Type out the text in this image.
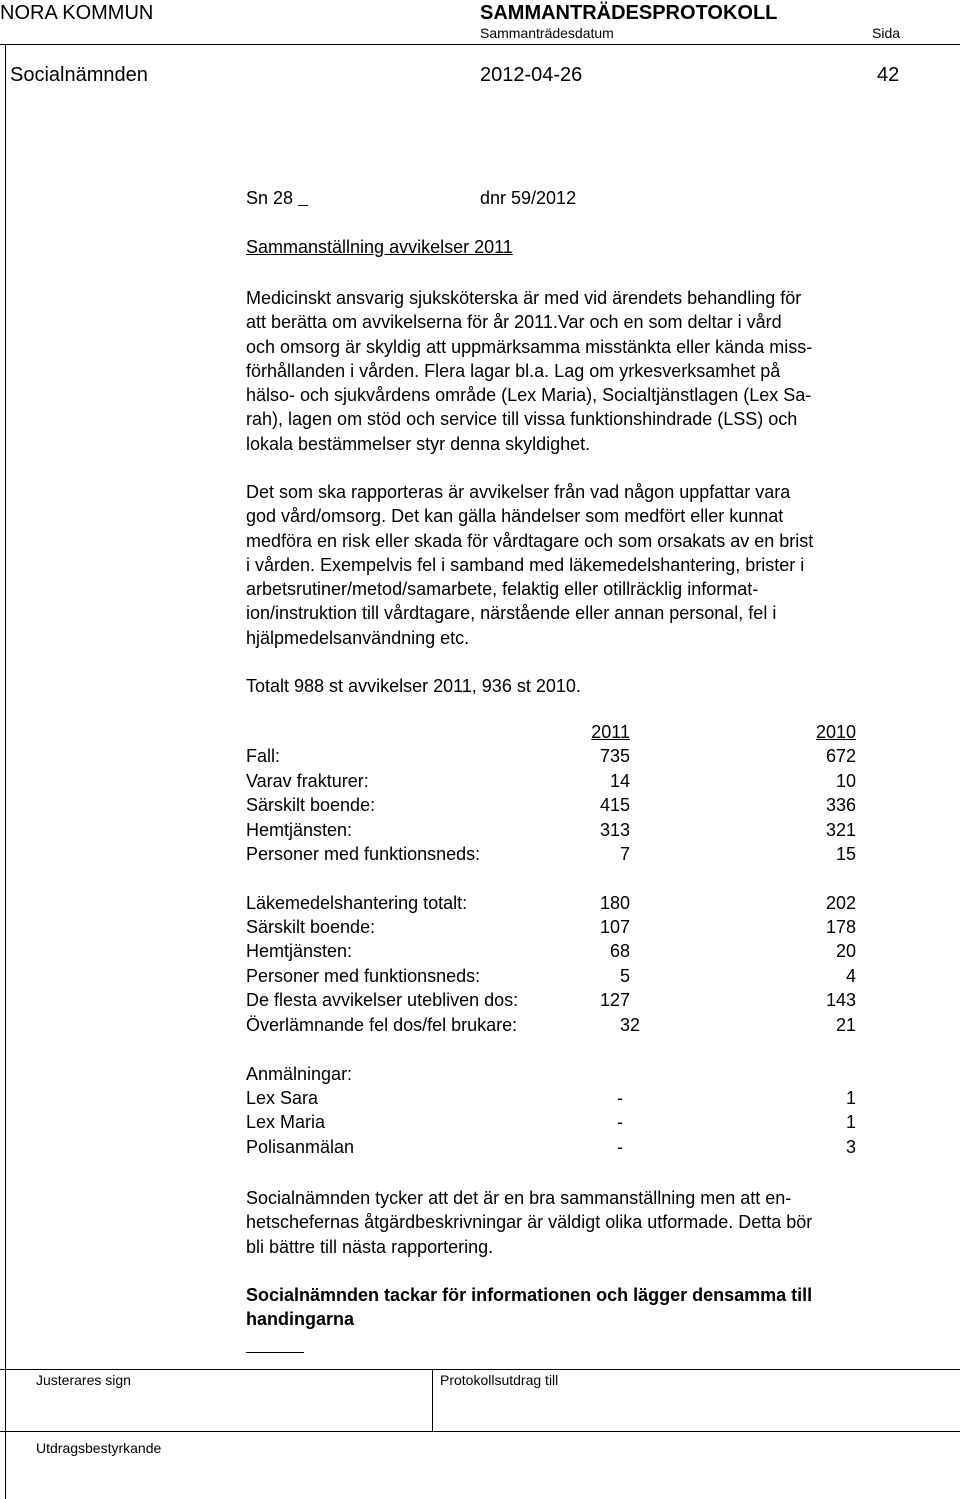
NORA KOMMUN	SAMMANTRÄDESPROTOKOLL
Sammanträdesdatum	Sida
Socialnämnden	2012-04-26	42
Sn 28	dnr 59/2012
Sammanställning avvikelser 2011
Medicinskt ansvarig sjuksköterska är med vid ärendets behandling för
att berätta om avvikelserna för år 2011.Var och en som deltar i vård
och omsorg är skyldig att uppmärksamma misstänkta eller kända miss-
förhållanden i vården. Flera lagar bl.a. Lag om yrkesverksamhet på
hälso- och sjukvårdens område (Lex Maria), Socialtjänstlagen (Lex Sa-
rah), lagen om stöd och service till vissa funktionshindrade (LSS) och
lokala bestämmelser styr denna skyldighet.
Det som ska rapporteras är avvikelser från vad någon uppfattar vara
god vård/omsorg. Det kan gälla händelser som medfört eller kunnat
medföra en risk eller skada för vårdtagare och som orsakats av en brist
i vården. Exempelvis fel i samband med läkemedelshantering, brister i
arbetsrutiner/metod/samarbete, felaktig eller otillräcklig informat-
ion/instruktion till vårdtagare, närstående eller annan personal, fel i
hjälpmedelsanvändning etc.
Totalt 988 st avvikelser 2011, 936 st 2010.
2011	2010
Fall:	735	672
Varav frakturer:	14	10
Särskilt boende:	415	336
Hemtjänsten:	313	321
Personer med funktionsneds:	7	15
Läkemedelshantering totalt:	180	202
Särskilt boende:	107	178
Hemtjänsten:	68	20
Personer med funktionsneds:	5	4
De flesta avvikelser utebliven dos:	127	143
Överlämnande fel dos/fel brukare:	32	21
Anmälningar:
Lex Sara	-	1
Lex Maria	-	1
Polisanmälan	-	3
Socialnämnden tycker att det är en bra sammanställning men att en-
hetschefernas åtgärdbeskrivningar är väldigt olika utformade. Detta bör
bli bättre till nästa rapportering.
Socialnämnden tackar för informationen och lägger densamma till
handingarna
Justerares sign	Protokollsutdrag till
Utdragsbestyrkande
